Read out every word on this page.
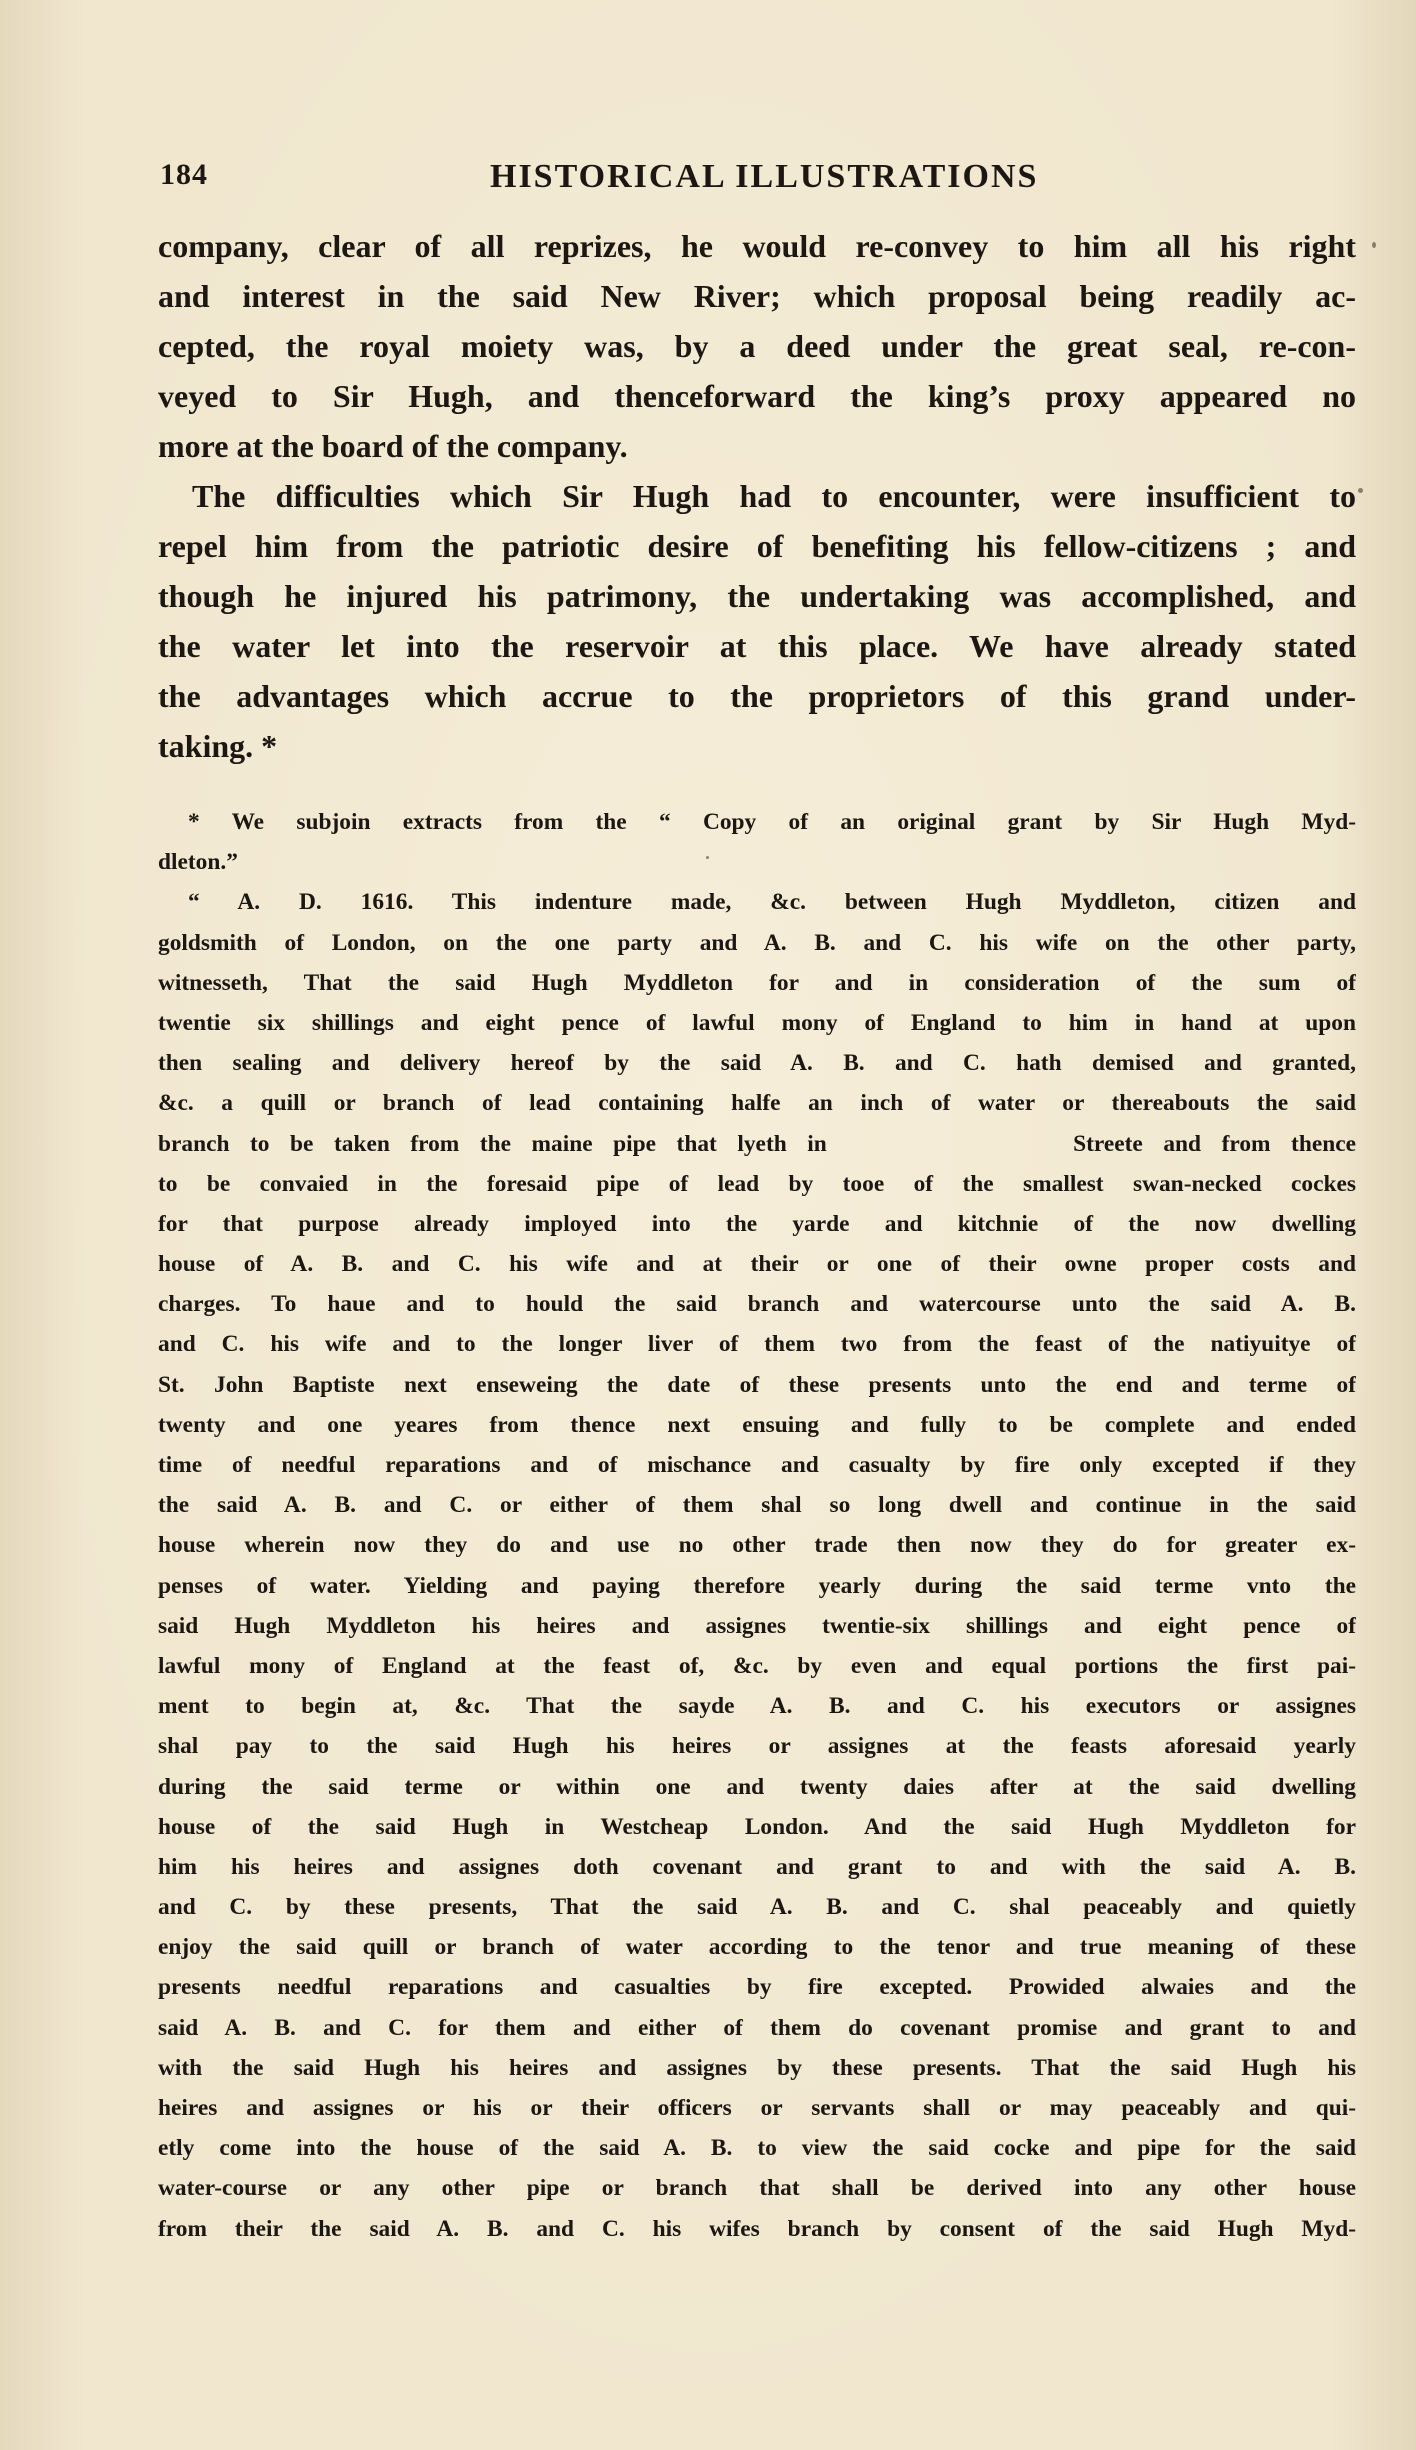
184	HISTORICAL ILLUSTRATIONS
company, clear of all reprizes, he would re-convey to him all his right
and interest in the said New River; which proposal being readily ac-
cepted, the royal moiety was, by a deed under the great seal, re-con-
veyed to Sir Hugh, and thenceforward the king’s proxy appeared no
more at the board of the company.
The difficulties which Sir Hugh had to encounter, were insufficient to
repel him from the patriotic desire of benefiting his fellow-citizens ; and
though he injured his patrimony, the undertaking was accomplished, and
the water let into the reservoir at this place. We have already stated
the advantages which accrue to the proprietors of this grand under-
taking. *
* We subjoin extracts from the “ Copy of an original grant by Sir Hugh Myd-
dleton.”
“ A. D. 1616. This indenture made, &c. between Hugh Myddleton, citizen and
goldsmith of London, on the one party and A. B. and C. his wife on the other party,
witnesseth, That the said Hugh Myddleton for and in consideration of the sum of
twentie six shillings and eight pence of lawful mony of England to him in hand at upon
then sealing and delivery hereof by the said A. B. and C. hath demised and granted,
&c. a quill or branch of lead containing halfe an inch of water or thereabouts the said
branch to be taken from the maine pipe that lyeth in            Streete and from thence
to be convaied in the foresaid pipe of lead by tooe of the smallest swan-necked cockes
for that purpose already imployed into the yarde and kitchnie of the now dwelling
house of A. B. and C. his wife and at their or one of their owne proper costs and
charges. To haue and to hould the said branch and watercourse unto the said A. B.
and C. his wife and to the longer liver of them two from the feast of the natiyuitye of
St. John Baptiste next enseweing the date of these presents unto the end and terme of
twenty and one yeares from thence next ensuing and fully to be complete and ended
time of needful reparations and of mischance and casualty by fire only excepted if they
the said A. B. and C. or either of them shal so long dwell and continue in the said
house wherein now they do and use no other trade then now they do for greater ex-
penses of water. Yielding and paying therefore yearly during the said terme vnto the
said Hugh Myddleton his heires and assignes twentie-six shillings and eight pence of
lawful mony of England at the feast of, &c. by even and equal portions the first pai-
ment to begin at, &c. That the sayde A. B. and C. his executors or assignes
shal pay to the said Hugh his heires or assignes at the feasts aforesaid yearly
during the said terme or within one and twenty daies after at the said dwelling
house of the said Hugh in Westcheap London. And the said Hugh Myddleton for
him his heires and assignes doth covenant and grant to and with the said A. B.
and C. by these presents, That the said A. B. and C. shal peaceably and quietly
enjoy the said quill or branch of water according to the tenor and true meaning of these
presents needful reparations and casualties by fire excepted. Prowided alwaies and the
said A. B. and C. for them and either of them do covenant promise and grant to and
with the said Hugh his heires and assignes by these presents. That the said Hugh his
heires and assignes or his or their officers or servants shall or may peaceably and qui-
etly come into the house of the said A. B. to view the said cocke and pipe for the said
water-course or any other pipe or branch that shall be derived into any other house
from their the said A. B. and C. his wifes branch by consent of the said Hugh Myd-
